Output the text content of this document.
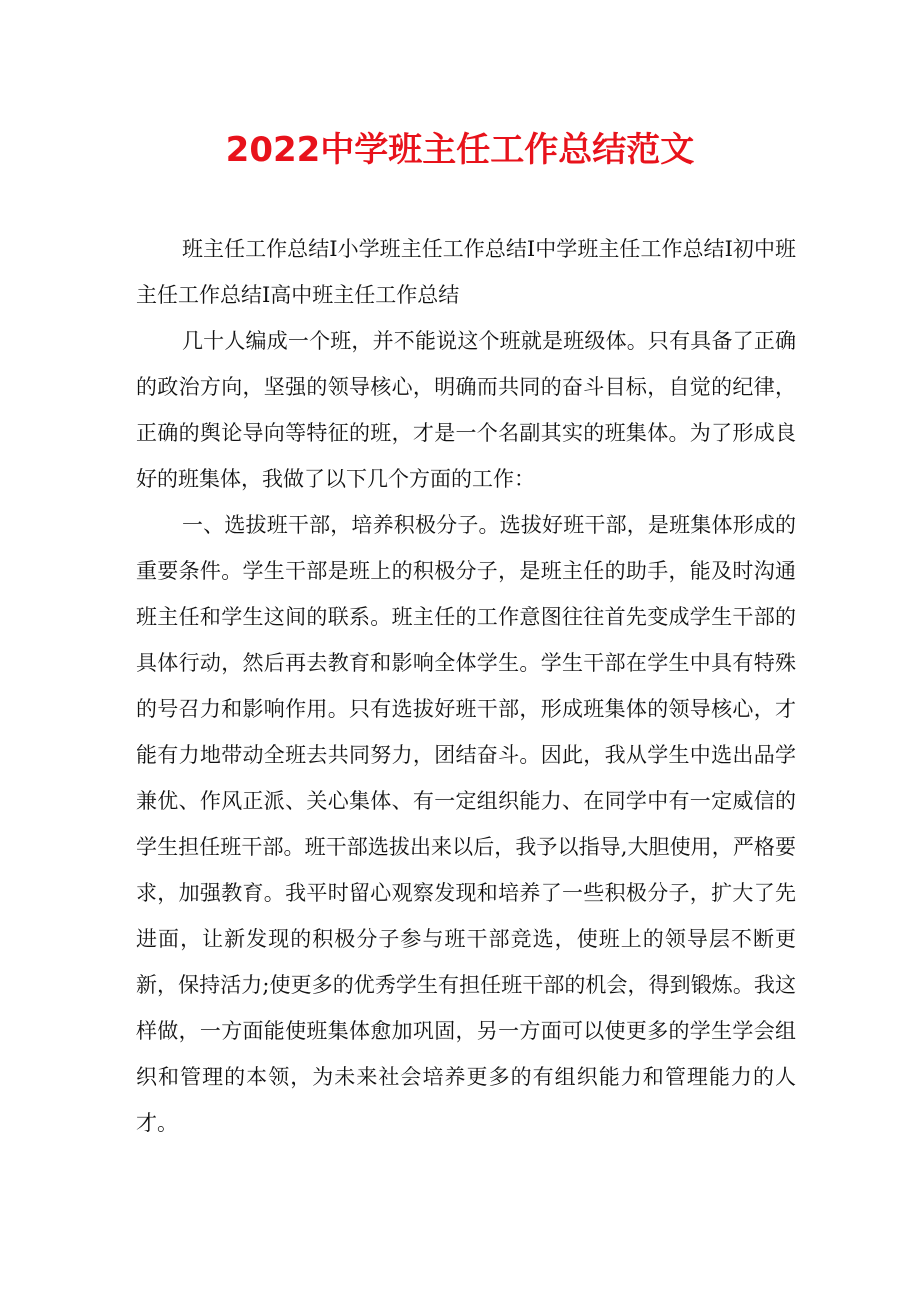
2022中学班主任工作总结范文

班主任工作总结I小学班主任工作总结I中学班主任工作总结I初中班主任工作总结I高中班主任工作总结

几十人编成一个班，并不能说这个班就是班级体。只有具备了正确的政治方向，坚强的领导核心，明确而共同的奋斗目标，自觉的纪律，正确的舆论导向等特征的班，才是一个名副其实的班集体。为了形成良好的班集体，我做了以下几个方面的工作：

一、选拔班干部，培养积极分子。选拔好班干部，是班集体形成的重要条件。学生干部是班上的积极分子，是班主任的助手，能及时沟通班主任和学生这间的联系。班主任的工作意图往往首先变成学生干部的具体行动，然后再去教育和影响全体学生。学生干部在学生中具有特殊的号召力和影响作用。只有选拔好班干部，形成班集体的领导核心，才能有力地带动全班去共同努力，团结奋斗。因此，我从学生中选出品学兼优、作风正派、关心集体、有一定组织能力、在同学中有一定威信的学生担任班干部。班干部选拔出来以后，我予以指导,大胆使用，严格要求，加强教育。我平时留心观察发现和培养了一些积极分子，扩大了先进面，让新发现的积极分子参与班干部竞选，使班上的领导层不断更新，保持活力;使更多的优秀学生有担任班干部的机会，得到锻炼。我这样做，一方面能使班集体愈加巩固，另一方面可以使更多的学生学会组织和管理的本领，为未来社会培养更多的有组织能力和管理能力的人才。
